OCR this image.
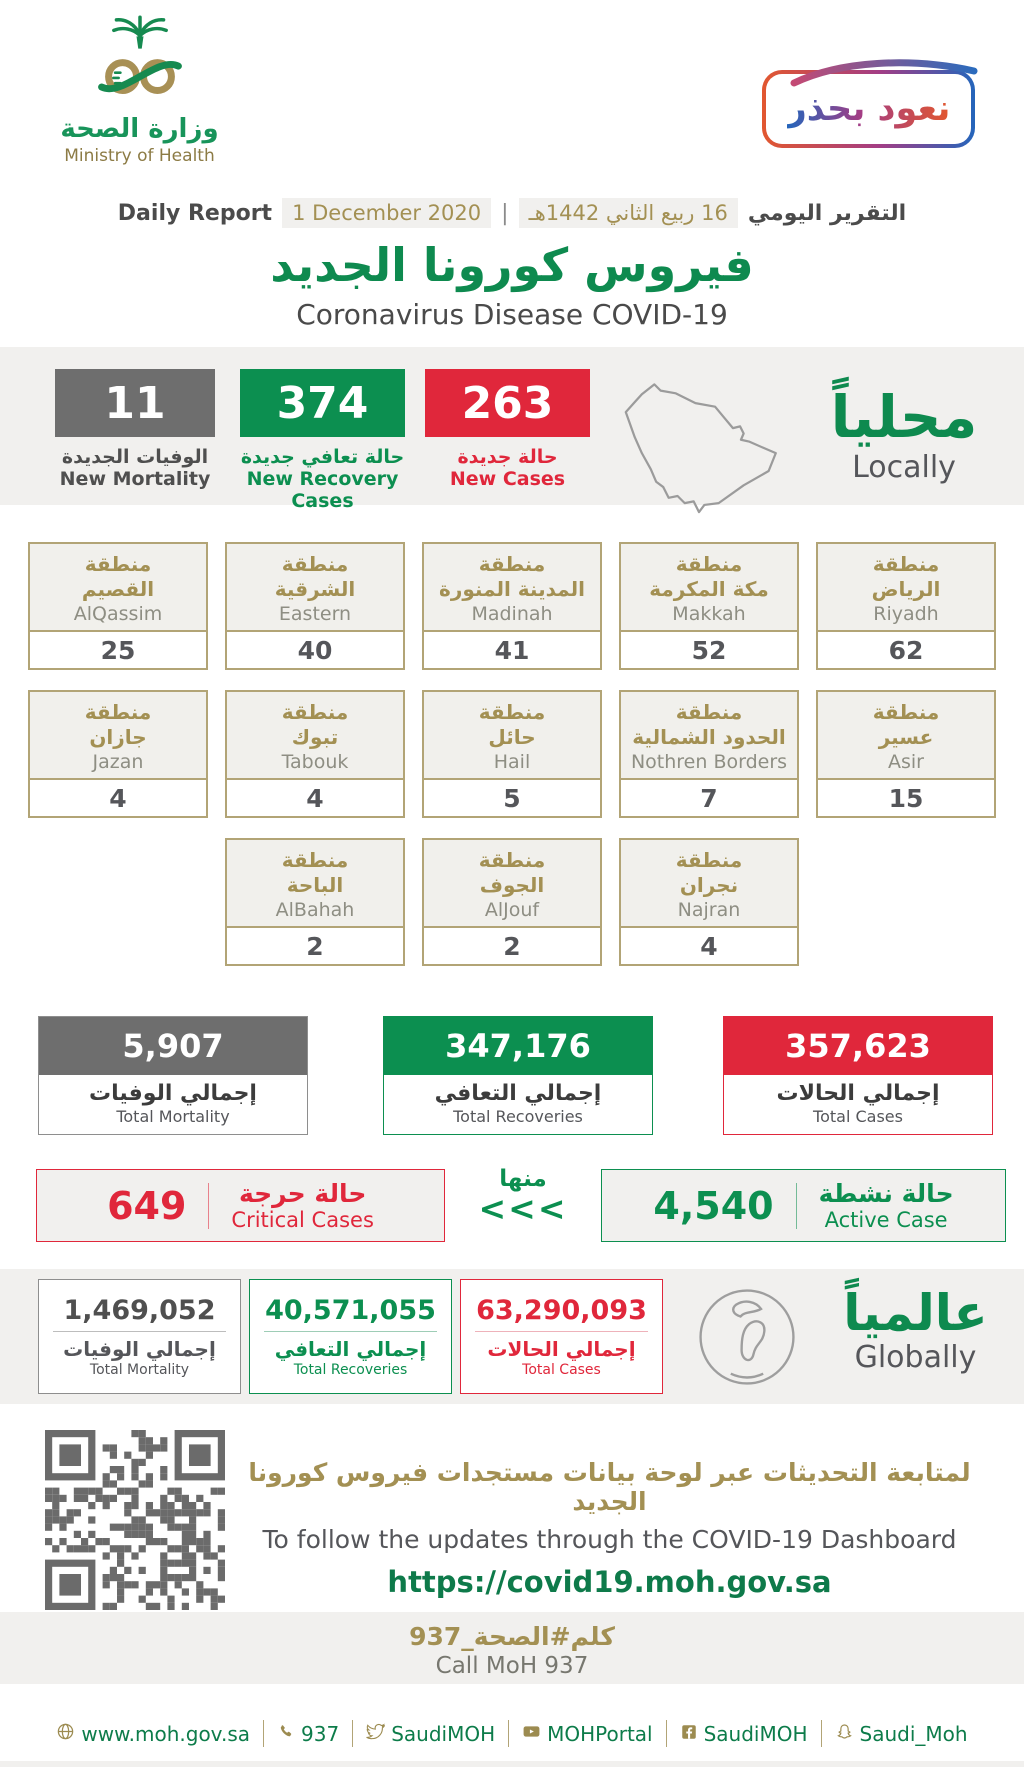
وزارة الصحة
Ministry of Health
نعود بحذر
Daily Report 1 December 2020 | 16 ربيع الثاني 1442هـ التقرير اليومي
فيروس كورونا الجديد
Coronavirus Disease COVID-19
11
الوفيات الجديدة
New Mortality
374
حالة تعافي جديدة
New Recovery Cases
263
حالة جديدة
New Cases
محلياً
Locally
منطقة
القصيم
AlQassim
25
منطقة
الشرقية
Eastern
40
منطقة
المدينة المنورة
Madinah
41
منطقة
مكة المكرمة
Makkah
52
منطقة
الرياض
Riyadh
62
منطقة
جازان
Jazan
4
منطقة
تبوك
Tabouk
4
منطقة
حائل
Hail
5
منطقة
الحدود الشمالية
Nothren Borders
7
منطقة
عسير
Asir
15
منطقة
الباحة
AlBahah
2
منطقة
الجوف
AlJouf
2
منطقة
نجران
Najran
4
5,907
إجمالي الوفيات
Total Mortality
347,176
إجمالي التعافي
Total Recoveries
357,623
إجمالي الحالات
Total Cases
649	حالة حرجة
Critical Cases
منها
<<<	4,540 حالة نشطة
Active Case
1,469,052
إجمالي الوفيات
Total Mortality
40,571,055
إجمالي التعافي
Total Recoveries
63,290,093
إجمالي الحالات
Total Cases
عالمياً
Globally
لمتابعة التحديثات عبر لوحة بيانات مستجدات فيروس كورونا الجديد
To follow the updates through the COVID-19 Dashboard
https://covid19.moh.gov.sa
كلم#الصحة_937
Call MoH 937
www.moh.gov.sa	937	SaudiMOH	MOHPortal	SaudiMOH	Saudi_Moh
